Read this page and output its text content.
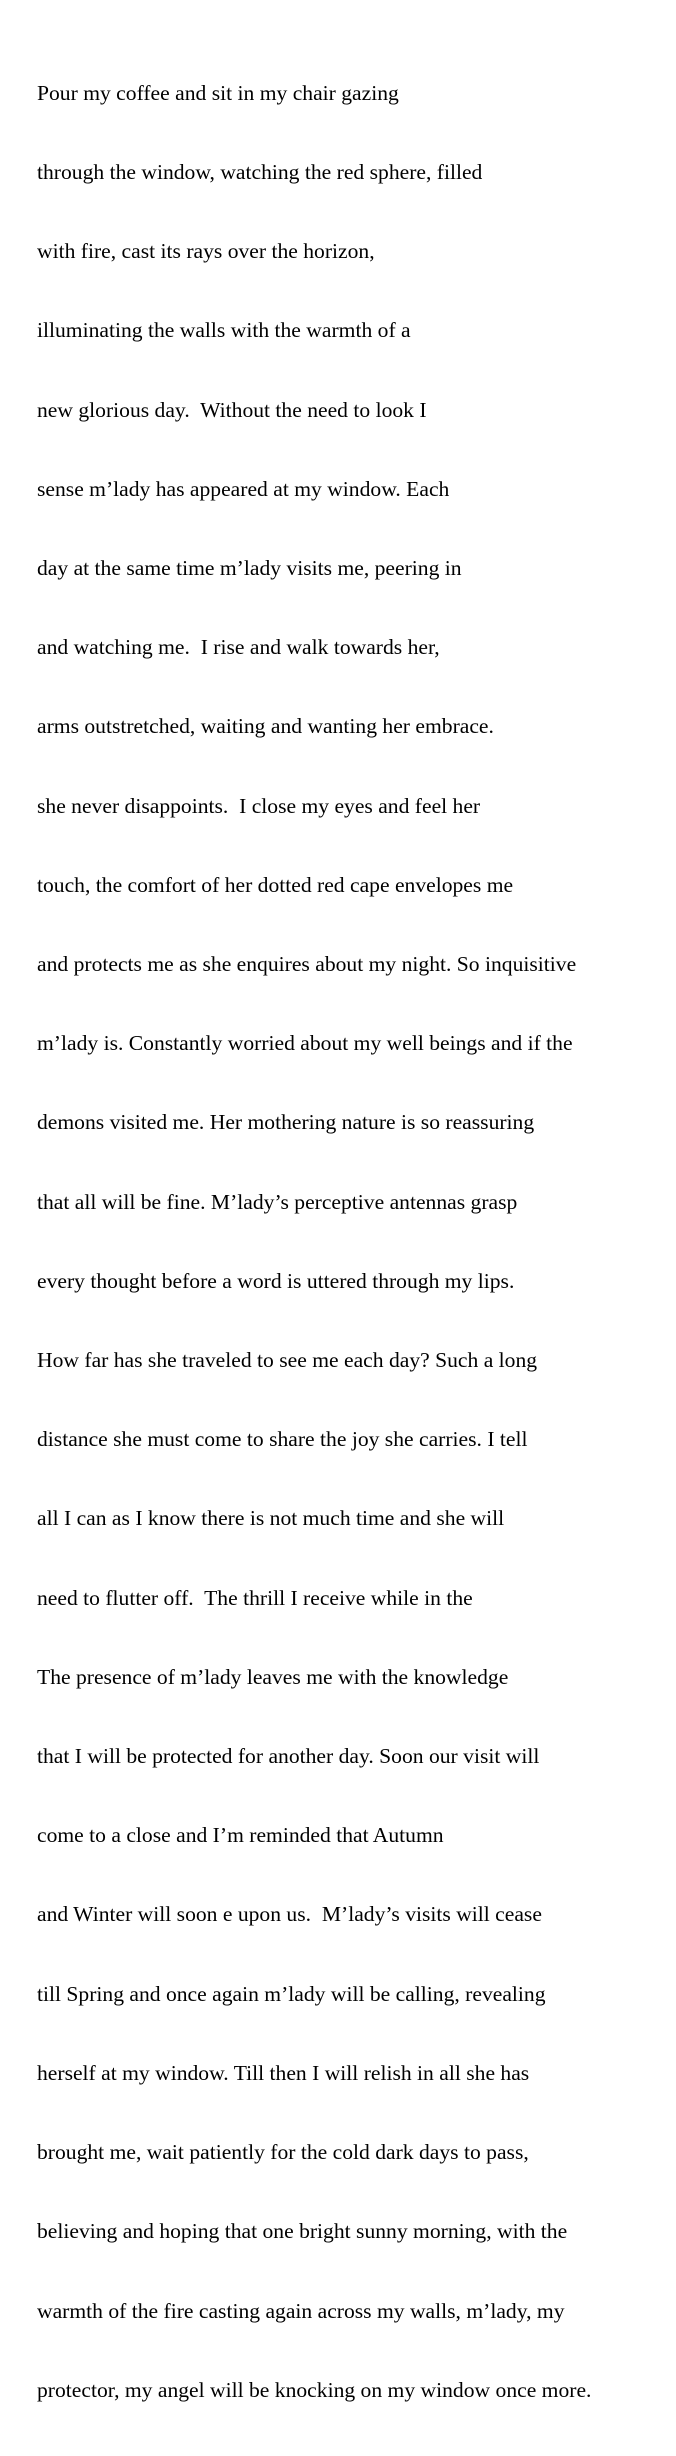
Pour my coffee and sit in my chair gazing

through the window, watching the red sphere, filled

with fire, cast its rays over the horizon,

illuminating the walls with the warmth of a

new glorious day.  Without the need to look I

sense m’lady has appeared at my window. Each

day at the same time m’lady visits me, peering in

and watching me.  I rise and walk towards her,

arms outstretched, waiting and wanting her embrace.

she never disappoints.  I close my eyes and feel her

touch, the comfort of her dotted red cape envelopes me

and protects me as she enquires about my night. So inquisitive

m’lady is. Constantly worried about my well beings and if the

demons visited me. Her mothering nature is so reassuring

that all will be fine. M’lady’s perceptive antennas grasp

every thought before a word is uttered through my lips.

How far has she traveled to see me each day? Such a long

distance she must come to share the joy she carries. I tell

all I can as I know there is not much time and she will

need to flutter off.  The thrill I receive while in the

The presence of m’lady leaves me with the knowledge

that I will be protected for another day. Soon our visit will

come to a close and I’m reminded that Autumn

and Winter will soon e upon us.  M’lady’s visits will cease

till Spring and once again m’lady will be calling, revealing

herself at my window. Till then I will relish in all she has

brought me, wait patiently for the cold dark days to pass,

believing and hoping that one bright sunny morning, with the

warmth of the fire casting again across my walls, m’lady, my

protector, my angel will be knocking on my window once more.
